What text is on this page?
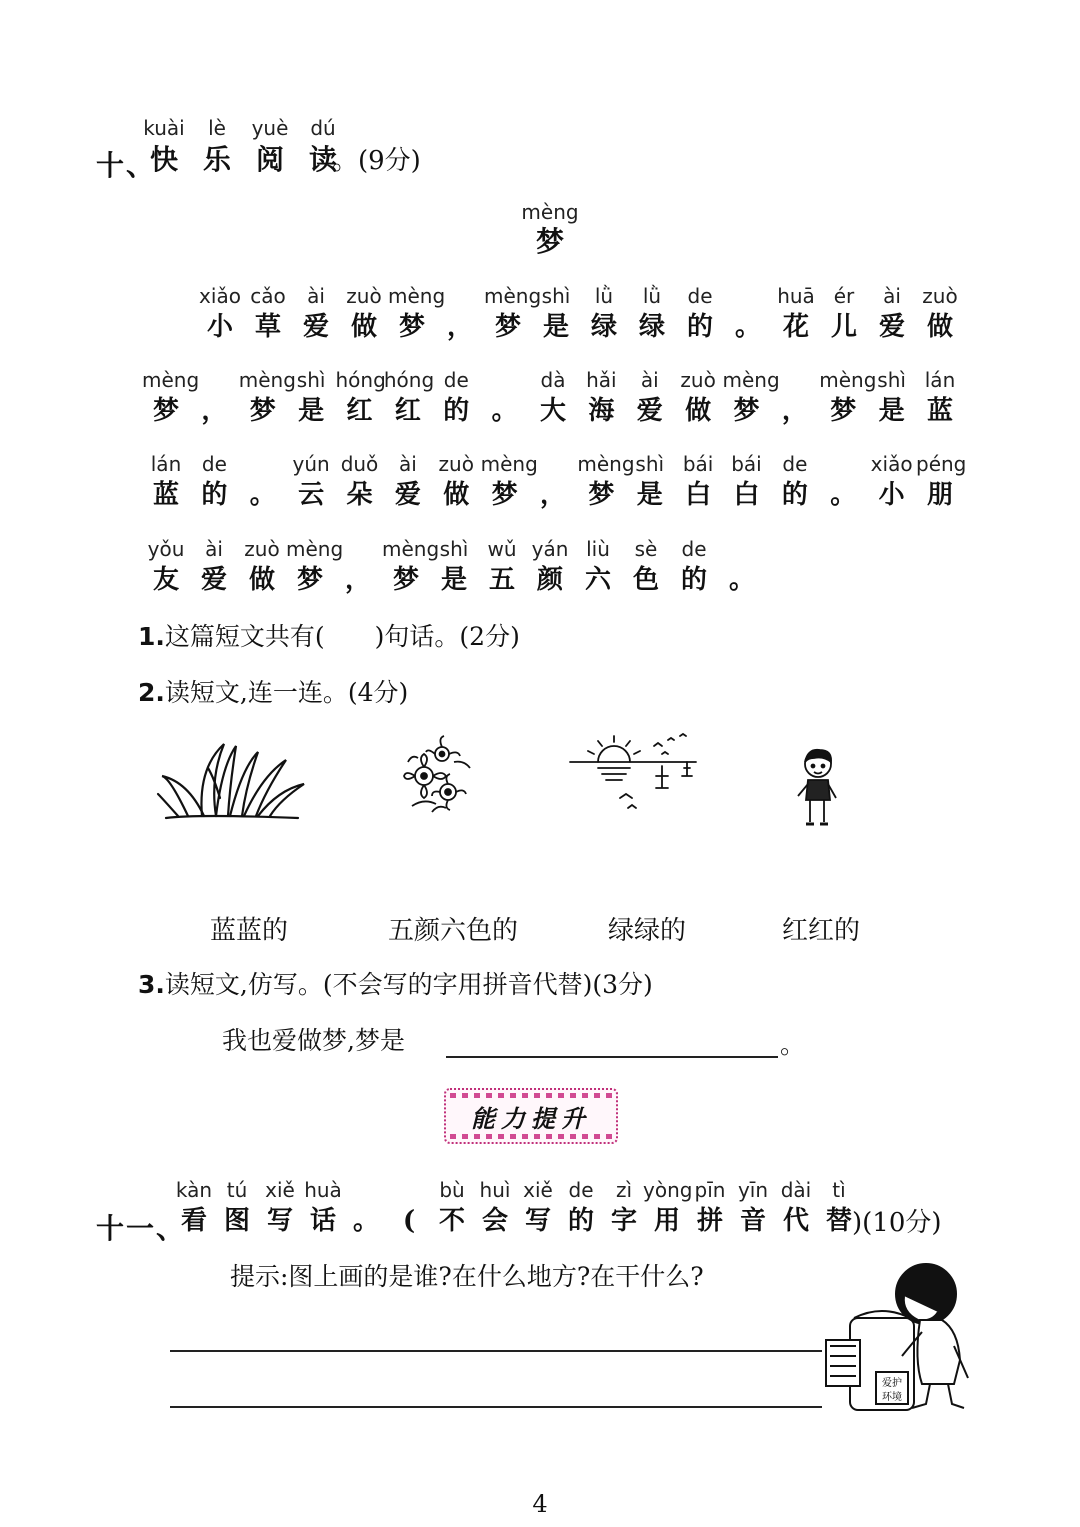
十、
kuài
快
lè
乐
yuè
阅
dú
读
。(9分)
mèng
梦
xiǎo
小
cǎo
草
ài
爱
zuò
做
mèng
梦
，
mèng
梦
shì
是
lǜ
绿
lǜ
绿
de
的
。
huā
花
ér
儿
ài
爱
zuò
做
mèng
梦
，
mèng
梦
shì
是
hóng
红
hóng
红
de
的
。
dà
大
hǎi
海
ài
爱
zuò
做
mèng
梦
，
mèng
梦
shì
是
lán
蓝
lán
蓝
de
的
。
yún
云
duǒ
朵
ài
爱
zuò
做
mèng
梦
，
mèng
梦
shì
是
bái
白
bái
白
de
的
。
xiǎo
小
péng
朋
yǒu
友
ài
爱
zuò
做
mèng
梦
，
mèng
梦
shì
是
wǔ
五
yán
颜
liù
六
sè
色
de
的
。
1.这篇短文共有(　　)句话。(2分)
2.读短文,连一连。(4分)
蓝蓝的	五颜六色的	绿绿的	红红的
3.读短文,仿写。(不会写的字用拼音代替)(3分)
我也爱做梦,梦是	。
能力提升
十一、
kàn
看
tú
图
xiě
写
huà
话
。
(
bù
不
huì
会
xiě
写
de
的
zì
字
yòng
用
pīn
拼
yīn
音
dài
代
tì
替 )(10分)
提示:图上画的是谁?在什么地方?在干什么?
爱护
环境
4
